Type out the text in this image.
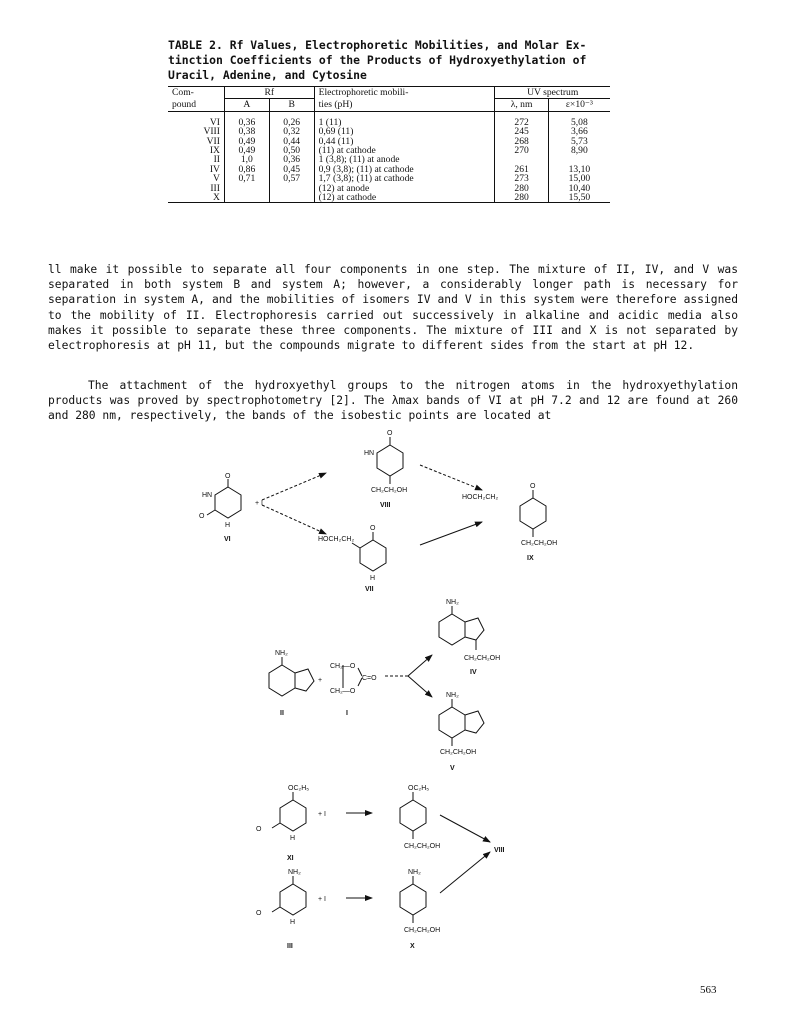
TABLE 2. Rf Values, Electrophoretic Mobilities, and Molar Ex-
tinction Coefficients of the Products of Hydroxyethylation of
Uracil, Adenine, and Cytosine
Com-	Rf		Electrophoretic mobili-	UV spectrum	
pound	A	B	ties (pH)	λ, nm	ε×10⁻³

VI	0,36	0,26	1 (11)	272	5,08
VIII	0,38	0,32	0,69 (11)	245	3,66
VII	0,49	0,44	0,44 (11)	268	5,73
IX	0,49	0,50	(11) at cathode	270	8,90
II	1,0	0,36	1 (3,8); (11) at anode		
IV	0,86	0,45	0,9 (3,8); (11) at cathode	261	13,10
V	0,71	0,57	1,7 (3,8); (11) at cathode	273	15,00
III			(12) at anode	280	10,40
X			(12) at cathode	280	15,50

ll make it possible to separate all four components in one step. The mixture of II, IV, and V was separated in both system B and system A; however, a considerably longer path is necessary for separation in system A, and the mobilities of isomers IV and V in this system were therefore assigned to the mobility of II. Electrophoresis carried out successively in alkaline and acidic media also makes it possible to separate these three components. The mixture of III and X is not separated by electrophoresis at pH 11, but the compounds migrate to different sides from the start at pH 12.

The attachment of the hydroxyethyl groups to the nitrogen atoms in the hydroxyethylation products was proved by spectrophotometry [2]. The λmax bands of VI at pH 7.2 and 12 are found at 260 and 280 nm, respectively, the bands of the isobestic points are located at

O
HN
O
H
+ I
VI
O
HN
CH₂CH₂OH
VIII
O
HOCH₂CH₂
H
VII
O
HOCH₂CH₂
CH₂CH₂OH
IX
NH₂
CH₂CH₂OH
IV
NH₂
+
II
CH₂—O
CH₂—O
C=O
I
NH₂
CH₂CH₂OH
V
OC₂H₅
O
H
+ I
XI
OC₂H₅
CH₂CH₂OH
VIII
NH₂
O
H
+ I
III
NH₂
CH₂CH₂OH
X
563
